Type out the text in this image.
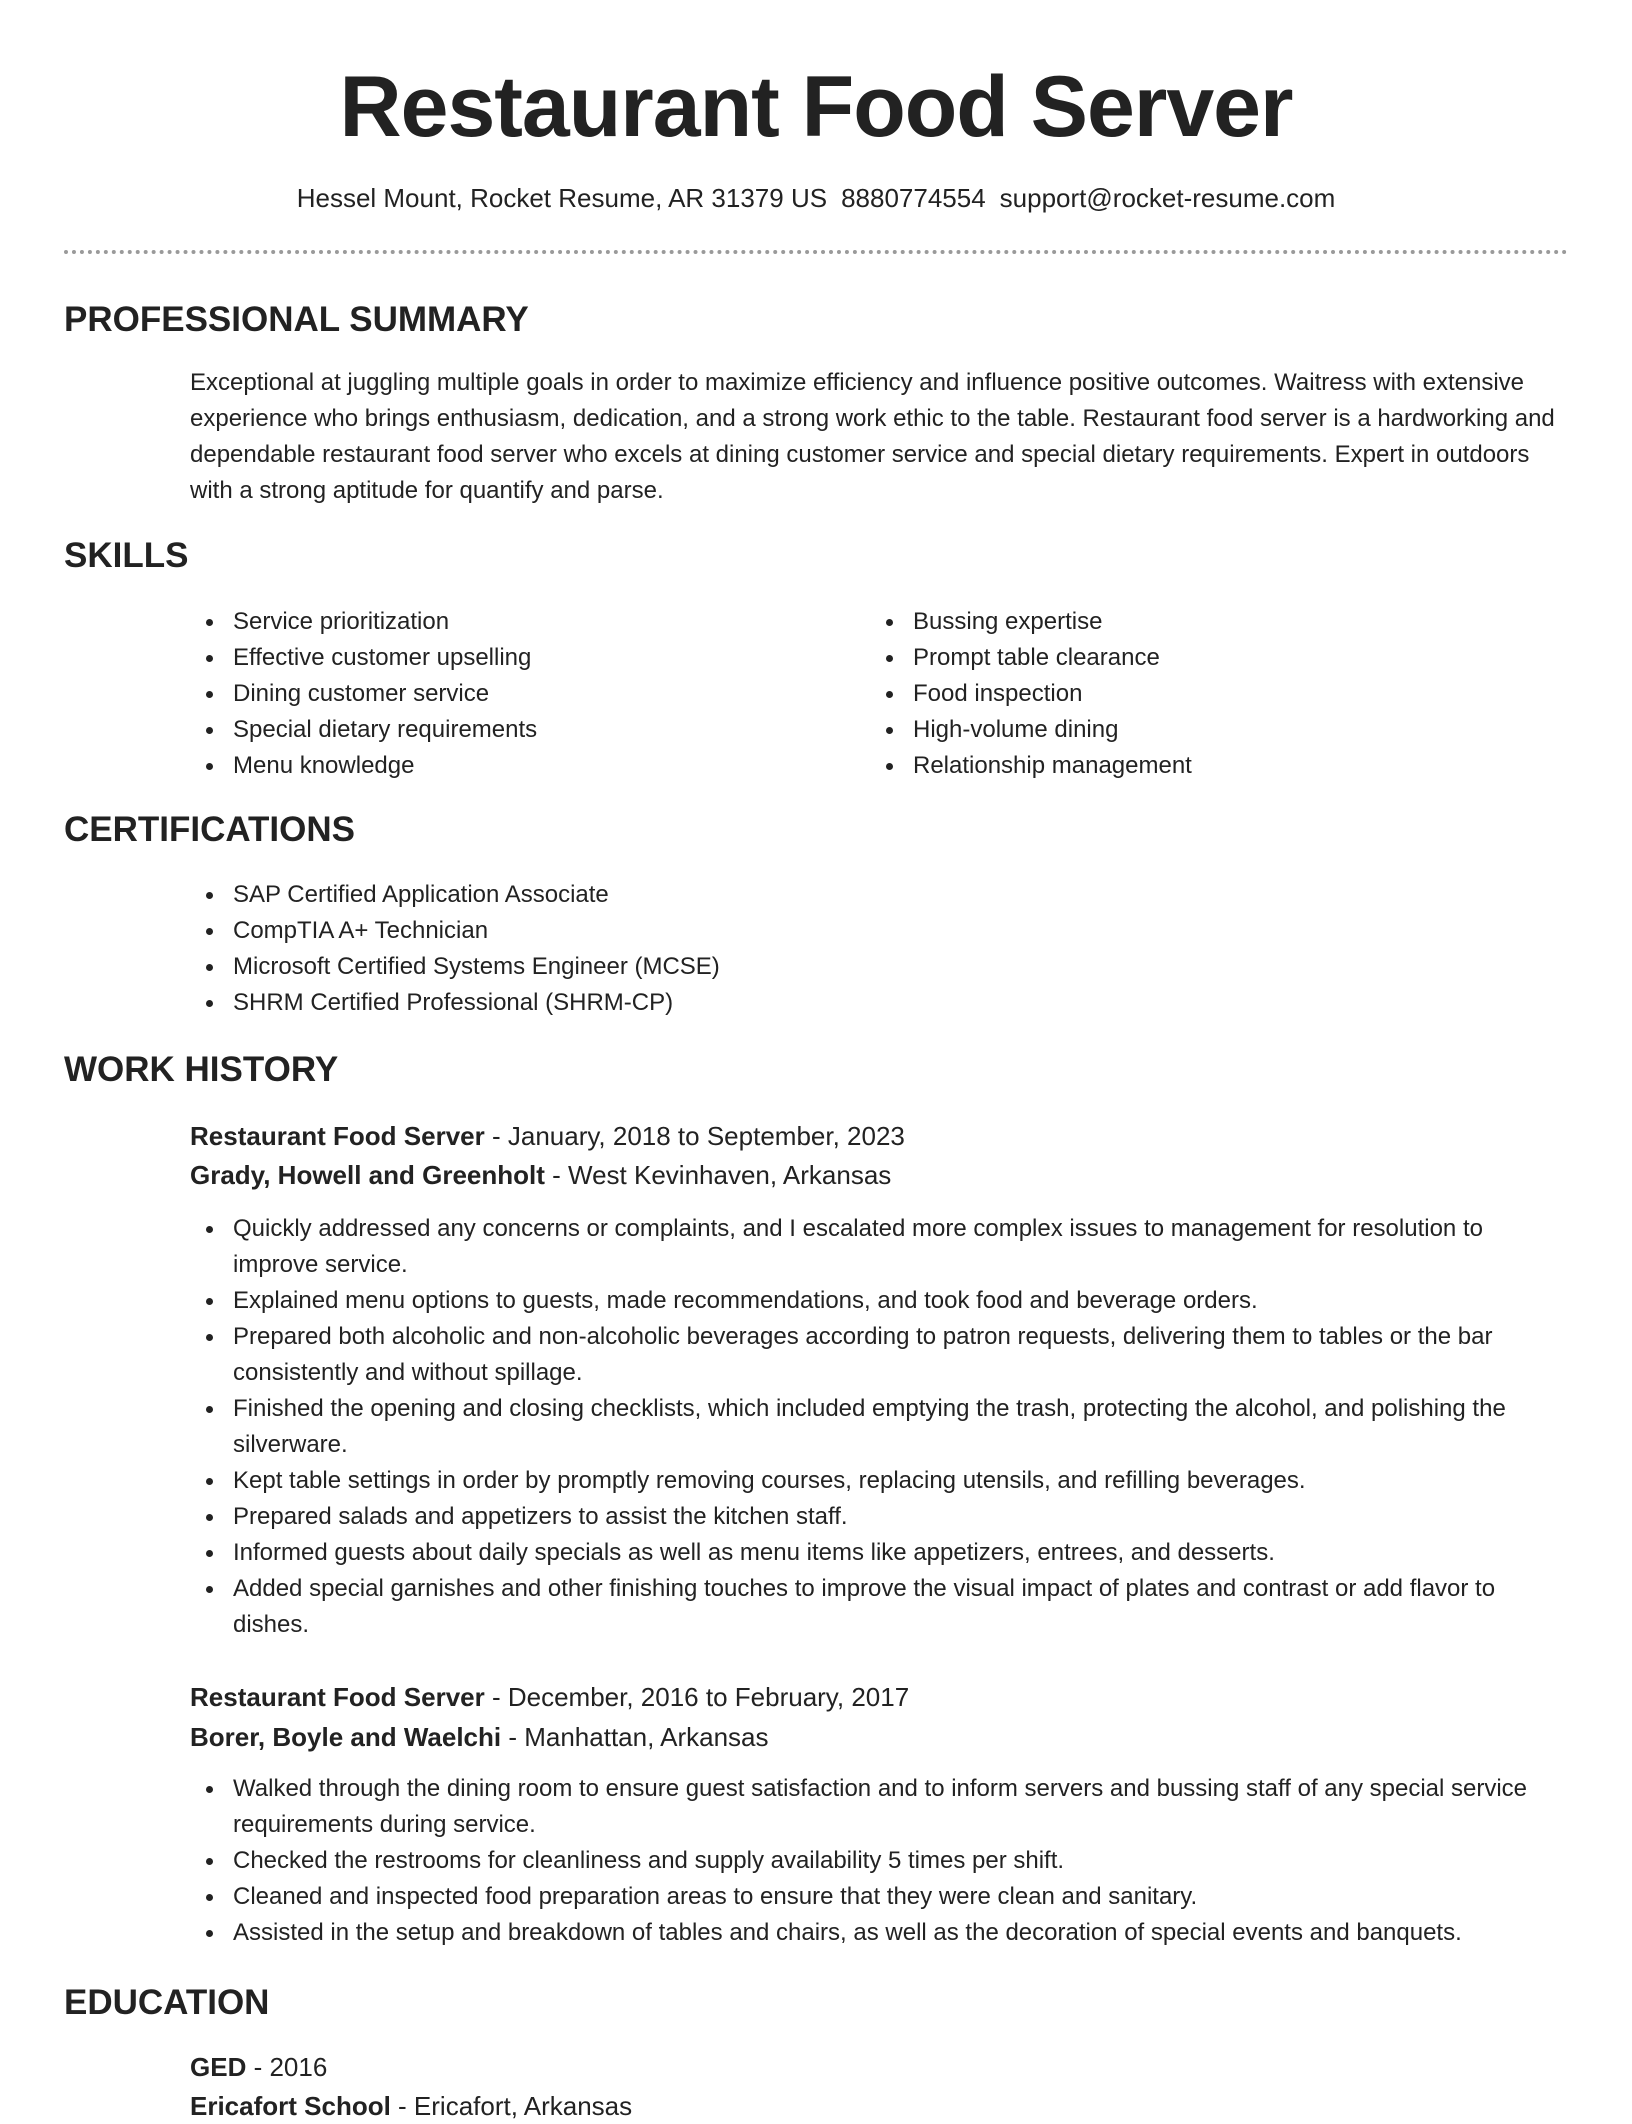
Restaurant Food Server
Hessel Mount, Rocket Resume, AR 31379 US 8880774554 support@rocket-resume.com
PROFESSIONAL SUMMARY

Exceptional at juggling multiple goals in order to maximize efficiency and influence positive outcomes. Waitress with extensive experience who brings enthusiasm, dedication, and a strong work ethic to the table. Restaurant food server is a hardworking and dependable restaurant food server who excels at dining customer service and special dietary requirements. Expert in outdoors with a strong aptitude for quantify and parse.

SKILLS
Service prioritization
Effective customer upselling
Dining customer service
Special dietary requirements
Menu knowledge
Bussing expertise
Prompt table clearance
Food inspection
High-volume dining
Relationship management
CERTIFICATIONS
SAP Certified Application Associate
CompTIA A+ Technician
Microsoft Certified Systems Engineer (MCSE)
SHRM Certified Professional (SHRM-CP)
WORK HISTORY
Restaurant Food Server - January, 2018 to September, 2023
Grady, Howell and Greenholt - West Kevinhaven, Arkansas
Quickly addressed any concerns or complaints, and I escalated more complex issues to management for resolution to improve service.
Explained menu options to guests, made recommendations, and took food and beverage orders.
Prepared both alcoholic and non-alcoholic beverages according to patron requests, delivering them to tables or the bar consistently and without spillage.
Finished the opening and closing checklists, which included emptying the trash, protecting the alcohol, and polishing the silverware.
Kept table settings in order by promptly removing courses, replacing utensils, and refilling beverages.
Prepared salads and appetizers to assist the kitchen staff.
Informed guests about daily specials as well as menu items like appetizers, entrees, and desserts.
Added special garnishes and other finishing touches to improve the visual impact of plates and contrast or add flavor to dishes.
Restaurant Food Server - December, 2016 to February, 2017
Borer, Boyle and Waelchi - Manhattan, Arkansas
Walked through the dining room to ensure guest satisfaction and to inform servers and bussing staff of any special service requirements during service.
Checked the restrooms for cleanliness and supply availability 5 times per shift.
Cleaned and inspected food preparation areas to ensure that they were clean and sanitary.
Assisted in the setup and breakdown of tables and chairs, as well as the decoration of special events and banquets.
EDUCATION
GED - 2016
Ericafort School - Ericafort, Arkansas
